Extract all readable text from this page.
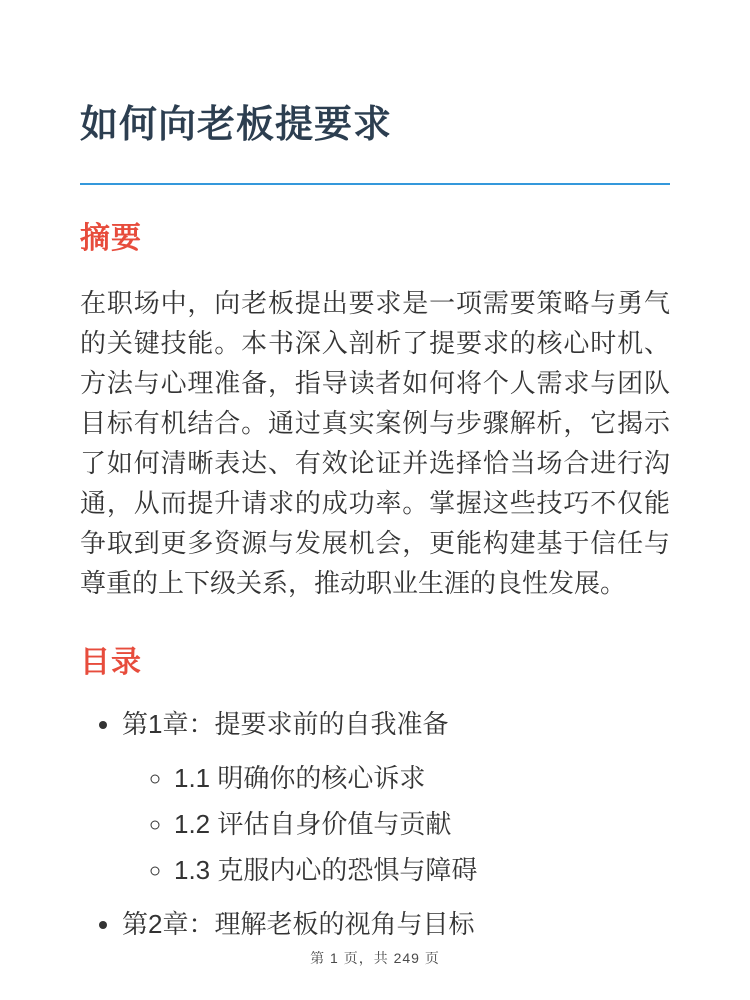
如何向老板提要求
摘要

在职场中，向老板提出要求是一项需要策略与勇气的关键技能。本书深入剖析了提要求的核心时机、方法与心理准备，指导读者如何将个人需求与团队目标有机结合。通过真实案例与步骤解析，它揭示了如何清晰表达、有效论证并选择恰当场合进行沟通，从而提升请求的成功率。掌握这些技巧不仅能争取到更多资源与发展机会，更能构建基于信任与尊重的上下级关系，推动职业生涯的良性发展。

目录
• 第1章：提要求前的自我准备
◦ 1.1 明确你的核心诉求
◦ 1.2 评估自身价值与贡献
◦ 1.3 克服内心的恐惧与障碍
• 第2章：理解老板的视角与目标
第 1 页，共 249 页
